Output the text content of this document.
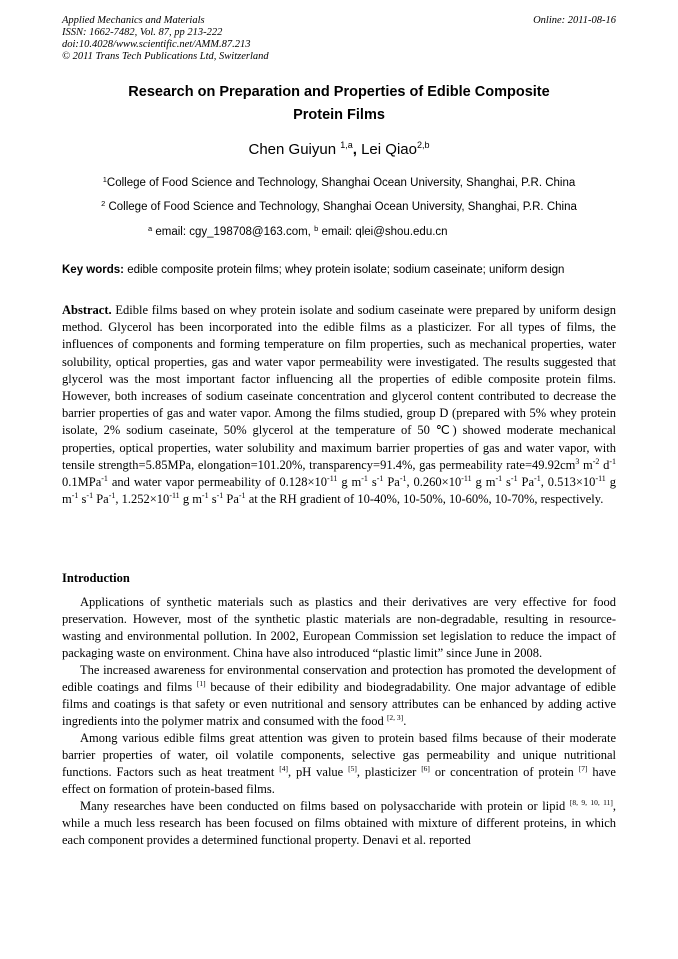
Applied Mechanics and Materials
ISSN: 1662-7482, Vol. 87, pp 213-222
doi:10.4028/www.scientific.net/AMM.87.213
© 2011 Trans Tech Publications Ltd, Switzerland
Online: 2011-08-16
Research on Preparation and Properties of Edible Composite
Protein Films
Chen Guiyun $^{1,a}$, Lei Qiao$^{2,b}$
$^1$College of Food Science and Technology, Shanghai Ocean University, Shanghai, P.R. China
$^2$ College of Food Science and Technology, Shanghai Ocean University, Shanghai, P.R. China
$^a$ email: cgy_198708@163.com, $^b$ email: qlei@shou.edu.cn
Key words: edible composite protein films; whey protein isolate; sodium caseinate; uniform design
Abstract. Edible films based on whey protein isolate and sodium caseinate were prepared by uniform design method. Glycerol has been incorporated into the edible films as a plasticizer. For all types of films, the influences of components and forming temperature on film properties, such as mechanical properties, water solubility, optical properties, gas and water vapor permeability were investigated. The results suggested that glycerol was the most important factor influencing all the properties of edible composite protein films. However, both increases of sodium caseinate concentration and glycerol content contributed to decrease the barrier properties of gas and water vapor. Among the films studied, group D (prepared with 5% whey protein isolate, 2% sodium caseinate, 50% glycerol at the temperature of 50 ℃) showed moderate mechanical properties, optical properties, water solubility and maximum barrier properties of gas and water vapor, with tensile strength=5.85MPa, elongation=101.20%, transparency=91.4%, gas permeability $rate=49.92cm^3$ $m^{-2}$ $d^{-1}$ 0.1MPa$^{-1}$ and water vapor permeability of $0.128\times 10^{-11}$ g $m^{-1}$ $s^{-1}$ $Pa^{-1}$, $0.260\times 10^{-11}$ g $m^{-1}$ $s^{-1}$ $Pa^{-1}$, $0.513\times 10^{-11}$ g $m^{-1}$ $s^{-1}$ $Pa^{-1}$, $1.252\times 10^{-11}$ g $m^{-1}$ $s^{-1}$ $Pa^{-1}$ at the RH gradient of 10-40%, 10-50%, 10-60%, 10-70%, respectively.
Introduction

Applications of synthetic materials such as plastics and their derivatives are very effective for food preservation. However, most of the synthetic plastic materials are non-degradable, resulting in resource-wasting and environmental pollution. In 2002, European Commission set legislation to reduce the impact of packaging waste on environment. China have also introduced “plastic limit” since June in 2008.

The increased awareness for environmental conservation and protection has promoted the development of edible coatings and films [1] because of their edibility and biodegradability. One major advantage of edible films and coatings is that safety or even nutritional and sensory attributes can be enhanced by adding active ingredients into the polymer matrix and consumed with the food [2, 3].

Among various edible films great attention was given to protein based films because of their moderate barrier properties of water, oil volatile components, selective gas permeability and unique nutritional functions. Factors such as heat treatment [4], pH value [5], plasticizer [6] or concentration of protein [7] have effect on formation of protein-based films.

Many researches have been conducted on films based on polysaccharide with protein or lipid [8, 9, 10, 11], while a much less research has been focused on films obtained with mixture of different proteins, in which each component provides a determined functional property. Denavi et al. reported
